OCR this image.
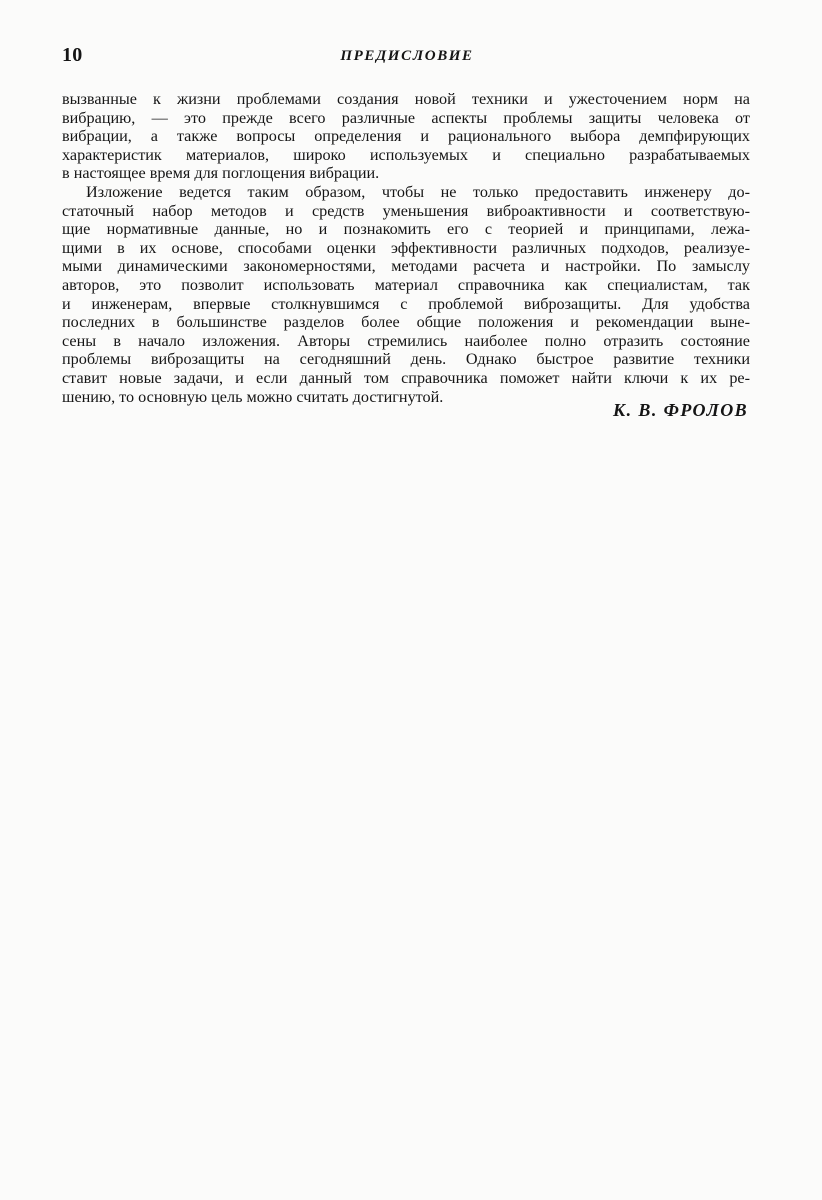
10	ПРЕДИСЛОВИЕ
вызванные к жизни проблемами создания новой техники и ужесточением норм на
вибрацию, — это прежде всего различные аспекты проблемы защиты человека от
вибрации, а также вопросы определения и рационального выбора демпфирующих
характеристик материалов, широко используемых и специально разрабатываемых
в настоящее время для поглощения вибрации.
Изложение ведется таким образом, чтобы не только предоставить инженеру до-
статочный набор методов и средств уменьшения виброактивности и соответствую-
щие нормативные данные, но и познакомить его с теорией и принципами, лежа-
щими в их основе, способами оценки эффективности различных подходов, реализуе-
мыми динамическими закономерностями, методами расчета и настройки. По замыслу
авторов, это позволит использовать материал справочника как специалистам, так
и инженерам, впервые столкнувшимся с проблемой виброзащиты. Для удобства
последних в большинстве разделов более общие положения и рекомендации выне-
сены в начало изложения. Авторы стремились наиболее полно отразить состояние
проблемы виброзащиты на сегодняшний день. Однако быстрое развитие техники
ставит новые задачи, и если данный том справочника поможет найти ключи к их ре-
шению, то основную цель можно считать достигнутой.
К. В. ФРОЛОВ
